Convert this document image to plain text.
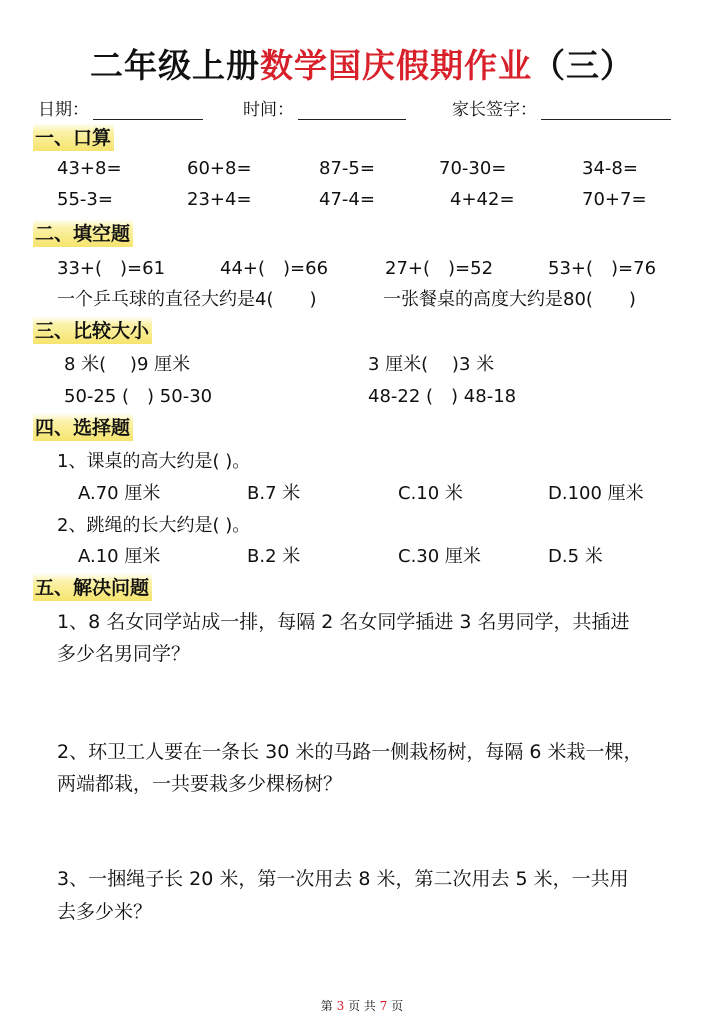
二年级上册数学国庆假期作业（三）
日期：	时间：	家长签字：
一、口算
43+8=	60+8=	87-5=	70-30=	34-8=
55-3=	23+4=	47-4=	4+42=	70+7=
二、填空题
33+(　)=61	44+(　)=66	27+(　)=52	53+(　)=76
一个乒乓球的直径大约是4(　　)	一张餐桌的高度大约是80(　　)
三、比较大小
8 米(　 )9 厘米	3 厘米(　 )3 米
50-25 (　) 50-30	48-22 (　) 48-18
四、选择题
1、课桌的高大约是( )。
A.70 厘米	B.7 米	C.10 米	D.100 厘米
2、跳绳的长大约是( )。
A.10 厘米	B.2 米	C.30 厘米	D.5 米
五、解决问题
1、8 名女同学站成一排，每隔 2 名女同学插进 3 名男同学，共插进
多少名男同学？
2、环卫工人要在一条长 30 米的马路一侧栽杨树，每隔 6 米栽一棵，
两端都栽，一共要栽多少棵杨树？
3、一捆绳子长 20 米，第一次用去 8 米，第二次用去 5 米，一共用
去多少米？
第 3 页 共 7 页
